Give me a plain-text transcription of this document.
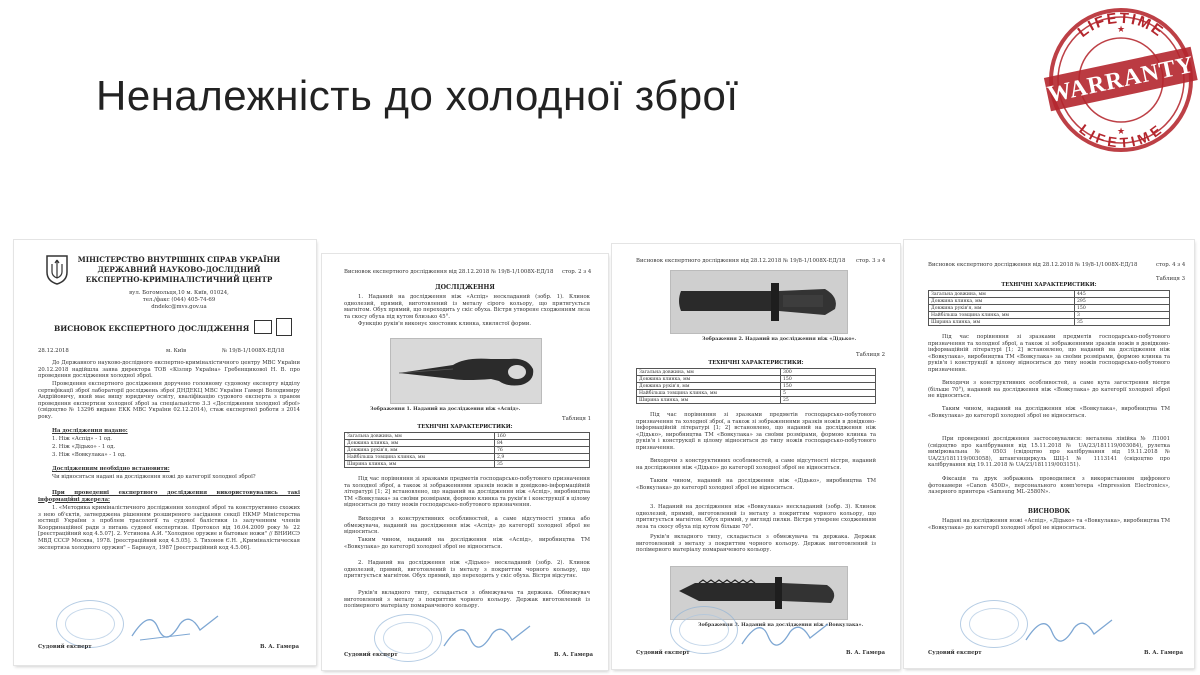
Неналежність до холодної зброї
LIFETIME
LIFETIME
WARRANTY
★
★
МІНІСТЕРСТВО ВНУТРІШНІХ СПРАВ УКРАЇНИ
ДЕРЖАВНИЙ НАУКОВО-ДОСЛІДНИЙ
ЕКСПЕРТНО-КРИМІНАЛІСТИЧНИЙ ЦЕНТР
вул. Богомольця,10 м. Київ, 01024,
тел./факс (044) 405-74-69
dndekc@mvs.gov.ua
ВИСНОВОК ЕКСПЕРТНОГО ДОСЛІДЖЕННЯ
28.12.2018	м. Київ	№ 19/8-1/1008Х-ЕД/18
До Державного науково-дослідного експертно-криміналістичного центру МВС України 20.12.2018 надійшла заява директора ТОВ «Кізляр Україна» Гребенщикової Н. В. про проведення дослідження холодної зброї.
Проведення експертного дослідження доручено головному судовому експерту відділу сертифікації зброї лабораторії досліджень зброї ДНДЕКЦ МВС України Гамері Володимиру Андрійовичу, який має вищу юридичну освіту, кваліфікацію судового експерта з правом проведення експертизи холодної зброї за спеціальністю 3.3 «Дослідження холодної зброї» (свідоцтво № 13296 видане ЕКК МВС України 02.12.2014), стаж експертної роботи з 2014 року.
На дослідження надано:
1. Ніж «Аспід» - 1 од.
2. Ніж «Дідько» - 1 од.
3. Ніж «Вовкулака» - 1 од.
Дослідженням необхідно встановити:
Чи відносяться надані на дослідження ножі до категорії холодної зброї?
При проведенні експертного дослідження використовувались такі інформаційні джерела:
1. «Методика криміналістичного дослідження холодної зброї та конструктивно схожих з нею об'єктів, затверджена рішенням розширеного засідання секції НКМР Міністерства юстиції України з проблем трасології та судової балістики із залученням членів Координаційної ради з питань судової експертизи. Протокол від 16.04.2009 року № 22 [реєстраційний код 4.5.07]. 2. Устинова А.И. "Холодное оружие и бытовые ножи" // ВНИИСЭ МВД СССР Москва, 1978. [реєстраційний код 4.5.05]. 3. Тихонов Є.Н. „Криміналістическая экспертиза холодного оружия" – Барнаул, 1987 [реєстраційний код 4.5.06].
Судовий експерт	В. А. Гамера
Висновок експертного дослідження від 28.12.2018 № 19/8-1/1008Х-ЕД/18 стор. 2 з 4
ДОСЛІДЖЕННЯ
1. Наданий на дослідження ніж «Аспід» нескладаний (зобр. 1). Клинок однолезий, прямий, виготовлений із металу сірого кольору, що притягується магнітом. Обух прямий, що переходить у скіс обуха. Вістря утворене сходженням леза та скосу обуха під кутом близько 45°.
Функцію руків'я виконує хвостовик клинка, хвилястої форми.
Зображення 1. Наданий на дослідження ніж «Аспід».
Таблиця 1
ТЕХНІЧНІ ХАРАКТЕРИСТИКИ:
Загальна довжина, мм	160
Довжина клинка, мм	84
Довжина руків'я, мм	76
Найбільша товщина клинка, мм	2,9
Ширина клинка, мм	35
Під час порівняння зі зразками предметів господарсько-побутового призначення та холодної зброї, а також зі зображеннями зразків ножів в довідково-інформаційній літературі [1; 2] встановлено, що наданий на дослідження ніж «Аспід», виробництва ТМ «Вовкулака» за своїми розмірами, формою клинка та руків'я і конструкції в цілому відноситься до типу ножів господарсько-побутового призначення.
Виходячи з конструктивних особливостей, а саме відсутності упика або обмежувача, наданий на дослідження ніж «Аспід» до категорії холодної зброї не відноситься.
Таким чином, наданий на дослідження ніж «Аспід», виробництва ТМ «Вовкулака» до категорії холодної зброї не відноситься.
2. Наданий на дослідження ніж «Дідько» нескладаний (зобр. 2). Клинок однолезий, прямий, виготовлений із металу з покриттям чорного кольору, що притягується магнітом. Обух прямий, що переходить у скіс обуха. Вістря відсутнє.
Руків'я вкладного типу, складається з обмежувача та держака. Обмежувач виготовлений з металу з покриттям чорного кольору. Держак виготовлений із полімерного матеріалу помаранчевого кольору.
Судовий експерт	В. А. Гамера
Висновок експертного дослідження від 28.12.2018 № 19/8-1/1008Х-ЕД/18 стор. 3 з 4
Зображення 2. Наданий на дослідження ніж «Дідько».
Таблиця 2
ТЕХНІЧНІ ХАРАКТЕРИСТИКИ:
Загальна довжина, мм	300
Довжина клинка, мм	150
Довжина руків'я, мм	150
Найбільша товщина клинка, мм	5
Ширина клинка, мм	25
Під час порівняння зі зразками предметів господарсько-побутового призначення та холодної зброї, а також зі зображеннями зразків ножів в довідково-інформаційній літературі [1; 2] встановлено, що наданий на дослідження ніж «Дідько», виробництва ТМ «Вовкулака» за своїми розмірами, формою клинка та руків'я і конструкції в цілому відноситься до типу ножів господарсько-побутового призначення.
Виходячи з конструктивних особливостей, а саме відсутності вістря, наданий на дослідження ніж «Дідько» до категорії холодної зброї не відноситься.
Таким чином, наданий на дослідження ніж «Дідько», виробництва ТМ «Вовкулака» до категорії холодної зброї не відноситься.
3. Наданий на дослідження ніж «Вовкулака» нескладаний (зобр. 3). Клинок однолезий, прямий, виготовлений із металу з покриттям чорного кольору, що притягується магнітом. Обух прямий, у вигляді пилки. Вістря утворене сходженням леза та скосу обуха під кутом більше 70°.
Руків'я вкладного типу, складається з обмежувача та держака. Держак виготовлений з металу з покриттям чорного кольору. Держак виготовлений із полімерного матеріалу помаранчевого кольору.
Зображення 3. Наданий на дослідження ніж «Вовкулака».
Судовий експерт	В. А. Гамера
Висновок експертного дослідження від 28.12.2018 № 19/8-1/1008Х-ЕД/18	стор. 4 з 4
Таблиця 3
ТЕХНІЧНІ ХАРАКТЕРИСТИКИ:
Загальна довжина, мм	445
Довжина клинка, мм	295
Довжина руків'я, мм	150
Найбільша товщина клинка, мм	3
Ширина клинка, мм	35
Під час порівняння зі зразками предметів господарсько-побутового призначення та холодної зброї, а також зі зображеннями зразків ножів в довідково-інформаційній літературі [1; 2] встановлено, що наданий на дослідження ніж «Вовкулака», виробництва ТМ «Вовкулака» за своїми розмірами, формою клинка та руків'я і конструкції в цілому відноситься до типу ножів господарсько-побутового призначення.
Виходячи з конструктивних особливостей, а саме кута загострення вістря (більше 70°), наданий на дослідження ніж «Вовкулака» до категорії холодної зброї не відноситься.
Таким чином, наданий на дослідження ніж «Вовкулака», виробництва ТМ «Вовкулака» до категорії холодної зброї не відноситься.
При проведенні дослідження застосовувалися: металева лінійка № Л1001 (свідоцтво про калібрування від 15.11.2018 № UA/23/181119/003084), рулетка вимірювальна № 0503 (свідоцтво про калібрування від 19.11.2018 № UA/23/181119/003058), штангенциркуль ШЦ-1 № 1113141 (свідоцтво про калібрування від 19.11.2018 № UA/23/181119/003151).
Фіксація та друк зображень проводилися з використанням цифрового фотокамери «Canon 450D», персонального комп'ютера «Impression Electronics», лазерного принтера «Samsung ML-2580N».
ВИСНОВОК
Надані на дослідження ножі «Аспід», «Дідько» та «Вовкулака», виробництва ТМ «Вовкулака» до категорії холодної зброї не відносяться.
Судовий експерт	В. А. Гамера
